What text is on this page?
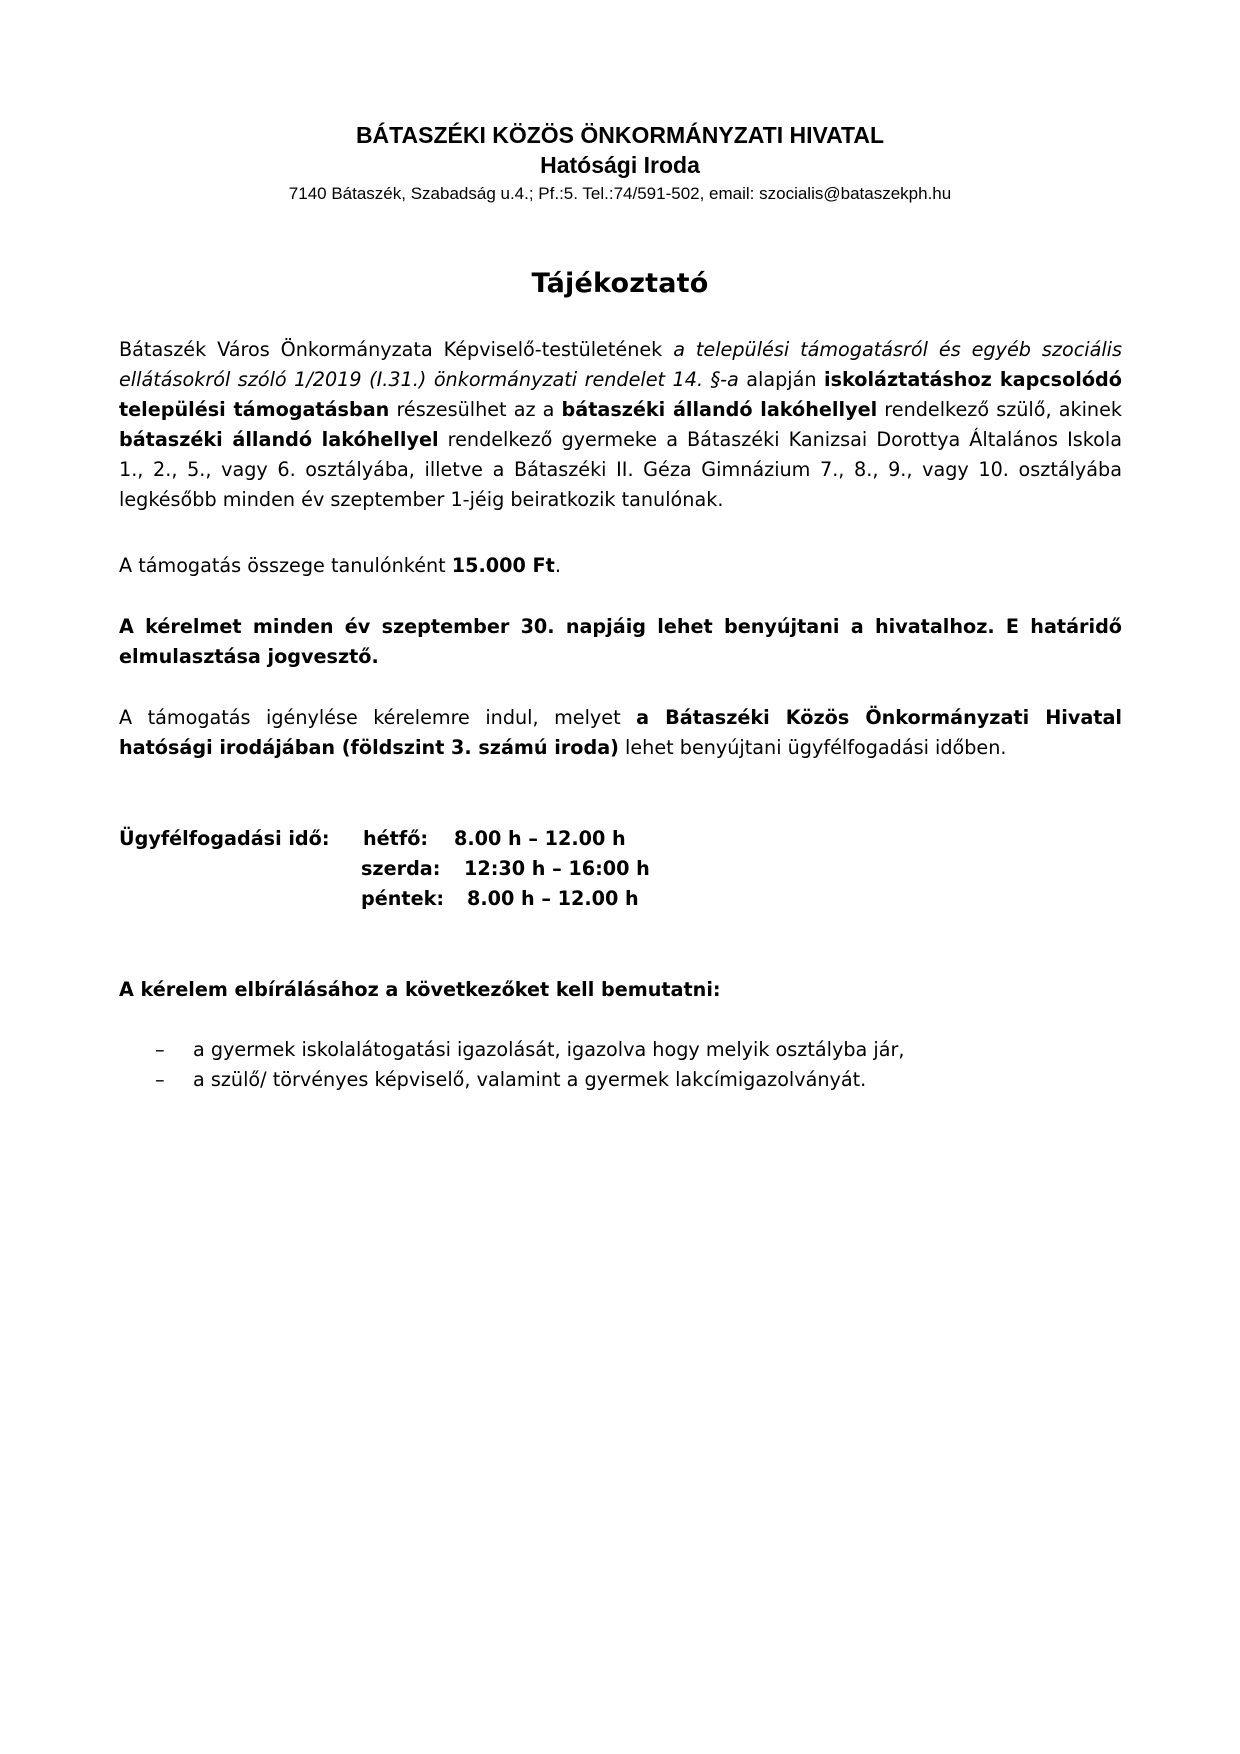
BÁTASZÉKI KÖZÖS ÖNKORMÁNYZATI HIVATAL

Hatósági Iroda

7140 Bátaszék, Szabadság u.4.; Pf.:5. Tel.:74/591-502, email: szocialis@bataszekph.hu

Tájékoztató

Bátaszék Város Önkormányzata Képviselő-testületének a települési támogatásról és egyéb szociális ellátásokról szóló 1/2019 (I.31.) önkormányzati rendelet 14. §-a alapján iskoláztatáshoz kapcsolódó települési támogatásban részesülhet az a bátaszéki állandó lakóhellyel rendelkező szülő, akinek bátaszéki állandó lakóhellyel rendelkező gyermeke a Bátaszéki Kanizsai Dorottya Általános Iskola 1., 2., 5., vagy 6. osztályába, illetve a Bátaszéki II. Géza Gimnázium 7., 8., 9., vagy 10. osztályába legkésőbb minden év szeptember 1-jéig beiratkozik tanulónak.

A támogatás összege tanulónként 15.000 Ft.

A kérelmet minden év szeptember 30. napjáig lehet benyújtani a hivatalhoz. E határidő elmulasztása jogvesztő.

A támogatás igénylése kérelemre indul, melyet a Bátaszéki Közös Önkormányzati Hivatal hatósági irodájában (földszint 3. számú iroda) lehet benyújtani ügyfélfogadási időben.

Ügyfélfogadási idő: hétfő: 8.00 h – 12.00 h
szerda: 12:30 h – 16:00 h
péntek: 8.00 h – 12.00 h

A kérelem elbírálásához a következőket kell bemutatni:

– a gyermek iskolalátogatási igazolását, igazolva hogy melyik osztályba jár,
– a szülő/ törvényes képviselő, valamint a gyermek lakcímigazolványát.
